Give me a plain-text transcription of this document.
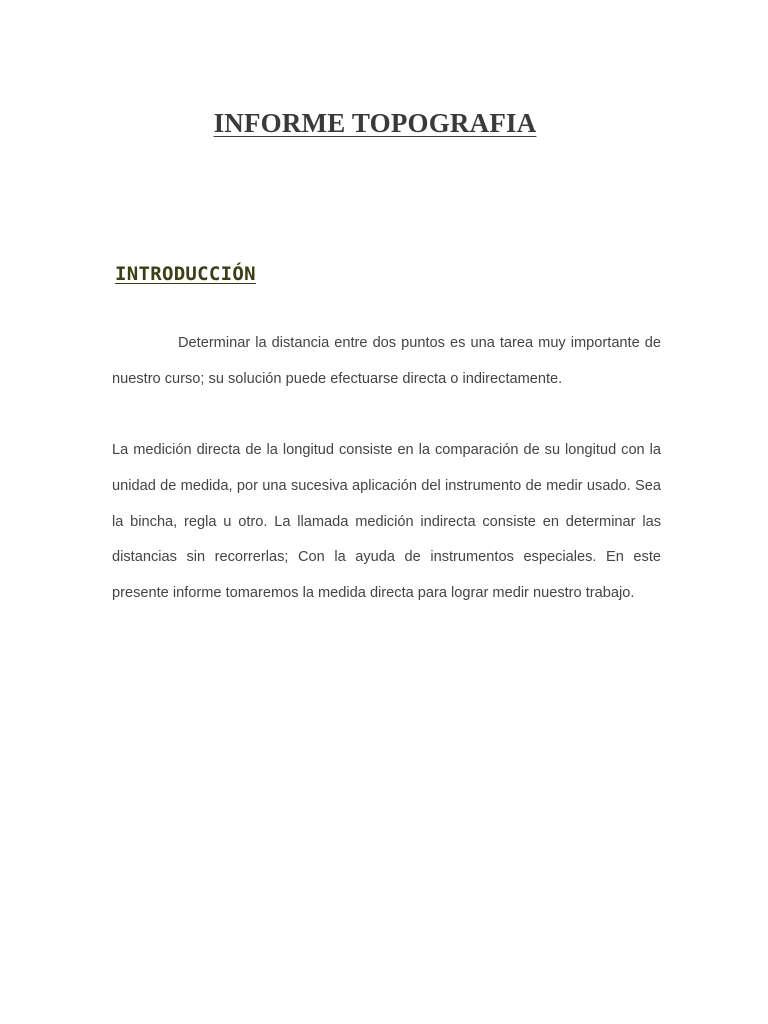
INFORME TOPOGRAFIA
INTRODUCCIÓN

Determinar la distancia entre dos puntos es una tarea muy importante de nuestro curso; su solución puede efectuarse directa o indirectamente.

La medición directa de la longitud consiste en la comparación de su longitud con la unidad de medida, por una sucesiva aplicación del instrumento de medir usado. Sea la bincha, regla u otro. La llamada medición indirecta consiste en determinar las distancias sin recorrerlas; Con la ayuda de instrumentos especiales. En este presente informe tomaremos la medida directa para lograr medir nuestro trabajo.
